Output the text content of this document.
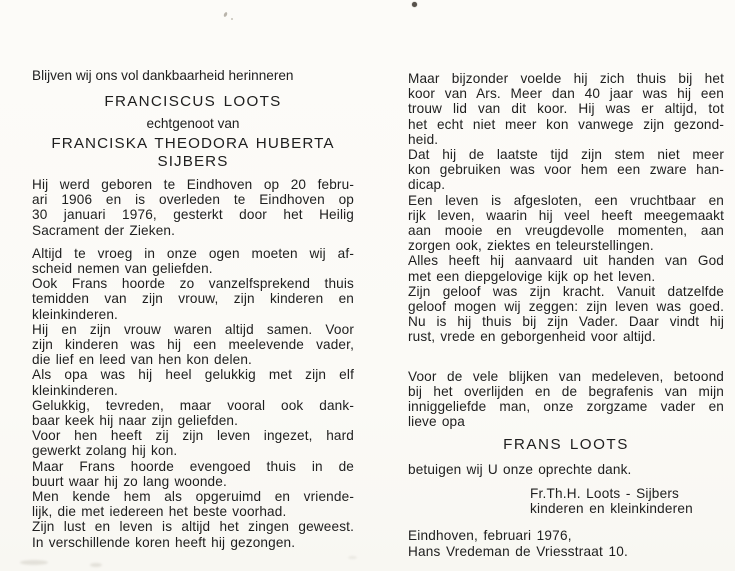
Blijven wij ons vol dankbaarheid herinneren
FRANCISCUS LOOTS
echtgenoot van
FRANCISKA THEODORA HUBERTA
SIJBERS
Hij werd geboren te Eindhoven op 20 febru-
ari 1906 en is overleden te Eindhoven op
30 januari 1976, gesterkt door het Heilig
Sacrament der Zieken.
Altijd te vroeg in onze ogen moeten wij af-
scheid nemen van geliefden.
Ook Frans hoorde zo vanzelfsprekend thuis
temidden van zijn vrouw, zijn kinderen en
kleinkinderen.
Hij en zijn vrouw waren altijd samen. Voor
zijn kinderen was hij een meelevende vader,
die lief en leed van hen kon delen.
Als opa was hij heel gelukkig met zijn elf
kleinkinderen.
Gelukkig, tevreden, maar vooral ook dank-
baar keek hij naar zijn geliefden.
Voor hen heeft zij zijn leven ingezet, hard
gewerkt zolang hij kon.
Maar Frans hoorde evengoed thuis in de
buurt waar hij zo lang woonde.
Men kende hem als opgeruimd en vriende-
lijk, die met iedereen het beste voorhad.
Zijn lust en leven is altijd het zingen geweest.
In verschillende koren heeft hij gezongen.
Maar bijzonder voelde hij zich thuis bij het
koor van Ars. Meer dan 40 jaar was hij een
trouw lid van dit koor. Hij was er altijd, tot
het echt niet meer kon vanwege zijn gezond-
heid.
Dat hij de laatste tijd zijn stem niet meer
kon gebruiken was voor hem een zware han-
dicap.
Een leven is afgesloten, een vruchtbaar en
rijk leven, waarin hij veel heeft meegemaakt
aan mooie en vreugdevolle momenten, aan
zorgen ook, ziektes en teleurstellingen.
Alles heeft hij aanvaard uit handen van God
met een diepgelovige kijk op het leven.
Zijn geloof was zijn kracht. Vanuit datzelfde
geloof mogen wij zeggen: zijn leven was goed.
Nu is hij thuis bij zijn Vader. Daar vindt hij
rust, vrede en geborgenheid voor altijd.
Voor de vele blijken van medeleven, betoond
bij het overlijden en de begrafenis van mijn
inniggeliefde man, onze zorgzame vader en
lieve opa
FRANS LOOTS
betuigen wij U onze oprechte dank.
Fr.Th.H. Loots - Sijbers
kinderen en kleinkinderen
Eindhoven, februari 1976,
Hans Vredeman de Vriesstraat 10.
